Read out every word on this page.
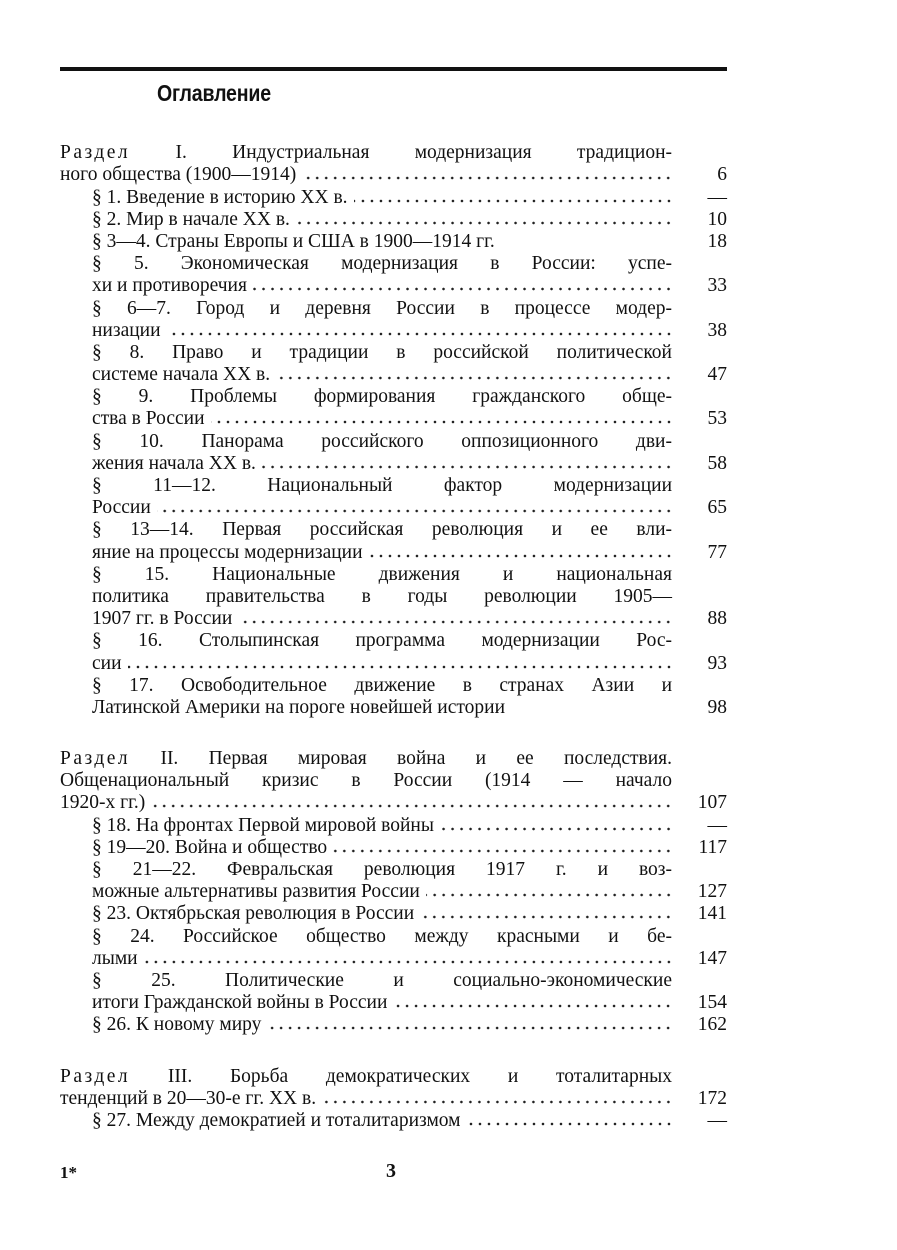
Оглавление
Раздел I. Индустриальная модернизация традицион-
ного общества (1900—1914)	6
§ 1. Введение в историю XX в.	—
§ 2. Мир в начале XX в.	10
§ 3—4. Страны Европы и США в 1900—1914 гг.	18
§ 5. Экономическая модернизация в России: успе-
хи и противоречия	33
§ 6—7. Город и деревня России в процессе модер-
низации	38
§ 8. Право и традиции в российской политической
системе начала XX в.	47
§ 9. Проблемы формирования гражданского обще-
ства в России	53
§ 10. Панорама российского оппозиционного дви-
жения начала XX в.	58
§ 11—12. Национальный фактор модернизации
России	65
§ 13—14. Первая российская революция и ее вли-
яние на процессы модернизации	77
§ 15. Национальные движения и национальная
политика правительства в годы революции 1905—
1907 гг. в России	88
§ 16. Столыпинская программа модернизации Рос-
сии	93
§ 17. Освободительное движение в странах Азии и
Латинской Америки на пороге новейшей истории	98
Раздел II. Первая мировая война и ее последствия.
Общенациональный кризис в России (1914 — начало
1920-х гг.)	107
§ 18. На фронтах Первой мировой войны	—
§ 19—20. Война и общество	117
§ 21—22. Февральская революция 1917 г. и воз-
можные альтернативы развития России	127
§ 23. Октябрьская революция в России	141
§ 24. Российское общество между красными и бе-
лыми	147
§ 25. Политические и социально-экономические
итоги Гражданской войны в России	154
§ 26. К новому миру	162
Раздел III. Борьба демократических и тоталитарных
тенденций в 20—30-е гг. XX в.	172
§ 27. Между демократией и тоталитаризмом	—
1*	3
